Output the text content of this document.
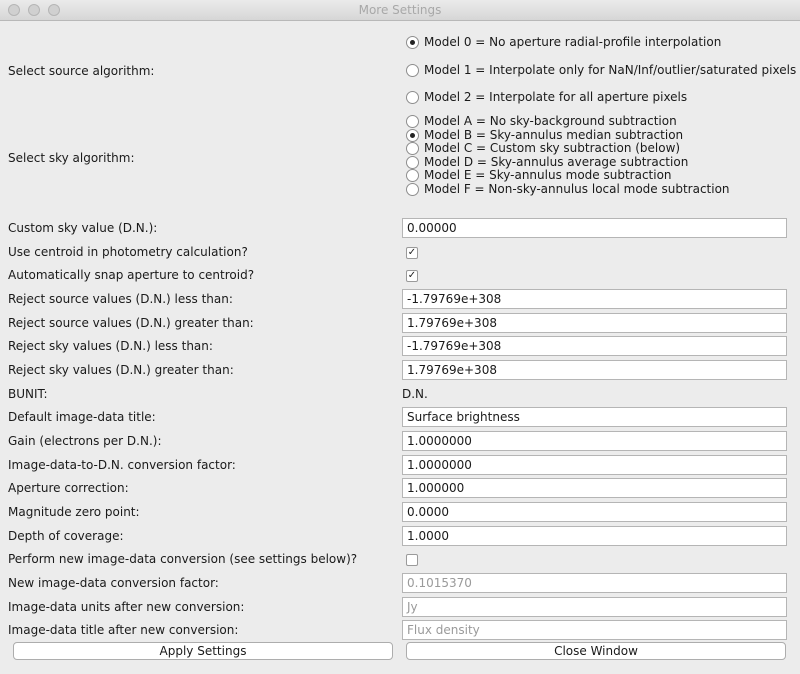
More Settings
Select source algorithm:
Model 0 = No aperture radial-profile interpolation
Model 1 = Interpolate only for NaN/Inf/outlier/saturated pixels
Model 2 = Interpolate for all aperture pixels
Select sky algorithm:
Model A = No sky-background subtraction
Model B = Sky-annulus median subtraction
Model C = Custom sky subtraction (below)
Model D = Sky-annulus average subtraction
Model E = Sky-annulus mode subtraction
Model F = Non-sky-annulus local mode subtraction
Custom sky value (D.N.):	0.00000
Use centroid in photometry calculation?	✓
Automatically snap aperture to centroid?	✓
Reject source values (D.N.) less than:	-1.79769e+308
Reject source values (D.N.) greater than:	1.79769e+308
Reject sky values (D.N.) less than:	-1.79769e+308
Reject sky values (D.N.) greater than:	1.79769e+308
BUNIT:	D.N.
Default image-data title:	Surface brightness
Gain (electrons per D.N.):	1.0000000
Image-data-to-D.N. conversion factor:	1.0000000
Aperture correction:	1.000000
Magnitude zero point:	0.0000
Depth of coverage:	1.0000
Perform new image-data conversion (see settings below)?
New image-data conversion factor:	0.1015370
Image-data units after new conversion:	Jy
Image-data title after new conversion:	Flux density
Apply Settings	Close Window
